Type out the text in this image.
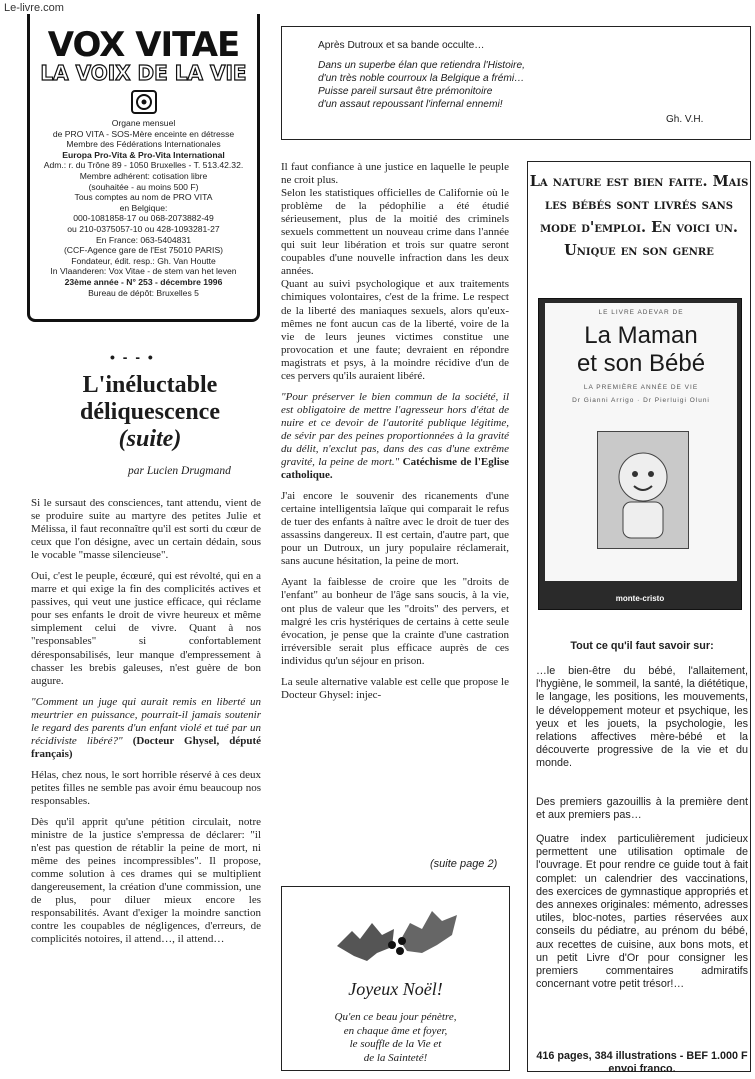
Le-livre.com
VOX VITAE
LA VOIX DE LA VIE
Organe mensuel
de PRO VITA - SOS-Mère enceinte en détresse
Membre des Fédérations Internationales
Europa Pro-Vita & Pro-Vita International
Adm.: r. du Trône 89 - 1050 Bruxelles - T. 513.42.32.
Membre adhérent: cotisation libre
(souhaitée - au moins 500 F)
Tous comptes au nom de PRO VITA
en Belgique:
000-1081858-17 ou 068-2073882-49
ou 210-0375057-10 ou 428-1093281-27
En France: 063-5404831
(CCF-Agence gare de l'Est 75010 PARIS)
Fondateur, édit. resp.: Gh. Van Houtte
In Vlaanderen: Vox Vitae - de stem van het leven
23ème année - N° 253 - décembre 1996
Bureau de dépôt: Bruxelles 5

Après Dutroux et sa bande occulte…

Dans un superbe élan que retiendra l'Histoire,

d'un très noble courroux la Belgique a frémi…

Puisse pareil sursaut être prémonitoire

d'un assaut repoussant l'infernal ennemi!

Gh. V.H.
• - - •
L'inéluctable
déliquescence
(suite)
par Lucien Drugmand

Si le sursaut des consciences, tant attendu, vient de se produire suite au martyre des petites Julie et Mélissa, il faut reconnaître qu'il est sorti du cœur de ceux que l'on désigne, avec un certain dédain, sous le vocable "masse silencieuse".

Oui, c'est le peuple, écœuré, qui est révolté, qui en a marre et qui exige la fin des complicités actives et passives, qui veut une justice efficace, qui réclame pour ses enfants le droit de vivre heureux et même simplement celui de vivre. Quant à nos "responsables" si confortablement déresponsabilisés, leur manque d'empressement à chasser les brebis galeuses, n'est guère de bon augure.

"Comment un juge qui aurait remis en liberté un meurtrier en puissance, pourrait-il jamais soutenir le regard des parents d'un enfant violé et tué par un récidiviste libéré?" (Docteur Ghysel, député français)

Hélas, chez nous, le sort horrible réservé à ces deux petites filles ne semble pas avoir ému beaucoup nos responsables.

Dès qu'il apprit qu'une pétition circulait, notre ministre de la justice s'empressa de déclarer: "il n'est pas question de rétablir la peine de mort, ni même des peines incompressibles". Il propose, comme solution à ces drames qui se multiplient dangereusement, la création d'une commission, une de plus, pour diluer mieux encore les responsabilités. Avant d'exiger la moindre sanction contre les coupables de négligences, d'erreurs, de complicités notoires, il attend…, il attend…

Il faut confiance à une justice en laquelle le peuple ne croit plus.

Selon les statistiques officielles de Californie où le problème de la pédophilie a été étudié sérieusement, plus de la moitié des criminels sexuels commettent un nouveau crime dans l'année qui suit leur libération et trois sur quatre seront coupables d'une nouvelle infraction dans les deux années.

Quant au suivi psychologique et aux traitements chimiques volontaires, c'est de la frime. Le respect de la liberté des maniaques sexuels, alors qu'eux-mêmes ne font aucun cas de la liberté, voire de la vie de leurs jeunes victimes constitue une provocation et une faute; devraient en répondre magistrats et psys, à la moindre récidive d'un de ces pervers qu'ils auraient libéré.

"Pour préserver le bien commun de la société, il est obligatoire de mettre l'agresseur hors d'état de nuire et ce devoir de l'autorité publique légitime, de sévir par des peines proportionnées à la gravité du délit, n'exclut pas, dans des cas d'une extrême gravité, la peine de mort." Catéchisme de l'Eglise catholique.

J'ai encore le souvenir des ricanements d'une certaine intelligentsia laïque qui comparait le refus de tuer des enfants à naître avec le droit de tuer des assassins dangereux. Il est certain, d'autre part, que pour un Dutroux, un jury populaire réclamerait, sans aucune hésitation, la peine de mort.

Ayant la faiblesse de croire que les "droits de l'enfant" au bonheur de l'âge sans soucis, à la vie, ont plus de valeur que les "droits" des pervers, et malgré les cris hystériques de certains à cette seule évocation, je pense que la crainte d'une castration irréversible serait plus efficace auprès de ces individus qu'un séjour en prison.

La seule alternative valable est celle que propose le Docteur Ghysel: injec-

(suite page 2)
Joyeux Noël!
Qu'en ce beau jour pénètre,
en chaque âme et foyer,
le souffle de la Vie et
de la Sainteté!
La nature est bien faite. Mais les bébés sont livrés sans mode d'emploi. En voici un. Unique en son genre
LE LIVRE ADEVAR DE
La Maman
et son Bébé
LA PREMIÈRE ANNÉE DE VIE
Dr Gianni Arrigo · Dr Pierluigi Oluni
monte-cristo
Tout ce qu'il faut savoir sur:
…le bien-être du bébé, l'allaitement, l'hygiène, le sommeil, la santé, la diététique, le langage, les positions, les mouvements, le développement moteur et psychique, les yeux et les jouets, la psychologie, les relations affectives mère-bébé et la découverte progressive de la vie et du monde.
Des premiers gazouillis à la première dent et aux premiers pas…
Quatre index particulièrement judicieux permettent une utilisation optimale de l'ouvrage. Et pour rendre ce guide tout à fait complet: un calendrier des vaccinations, des exercices de gymnastique appropriés et des annexes originales: mémento, adresses utiles, bloc-notes, parties réservées aux conseils du pédiatre, au prénom du bébé, aux recettes de cuisine, aux bons mots, et un petit Livre d'Or pour consigner les premiers commentaires admiratifs concernant votre petit trésor!…
416 pages, 384 illustrations - BEF 1.000 F envoi franco.
